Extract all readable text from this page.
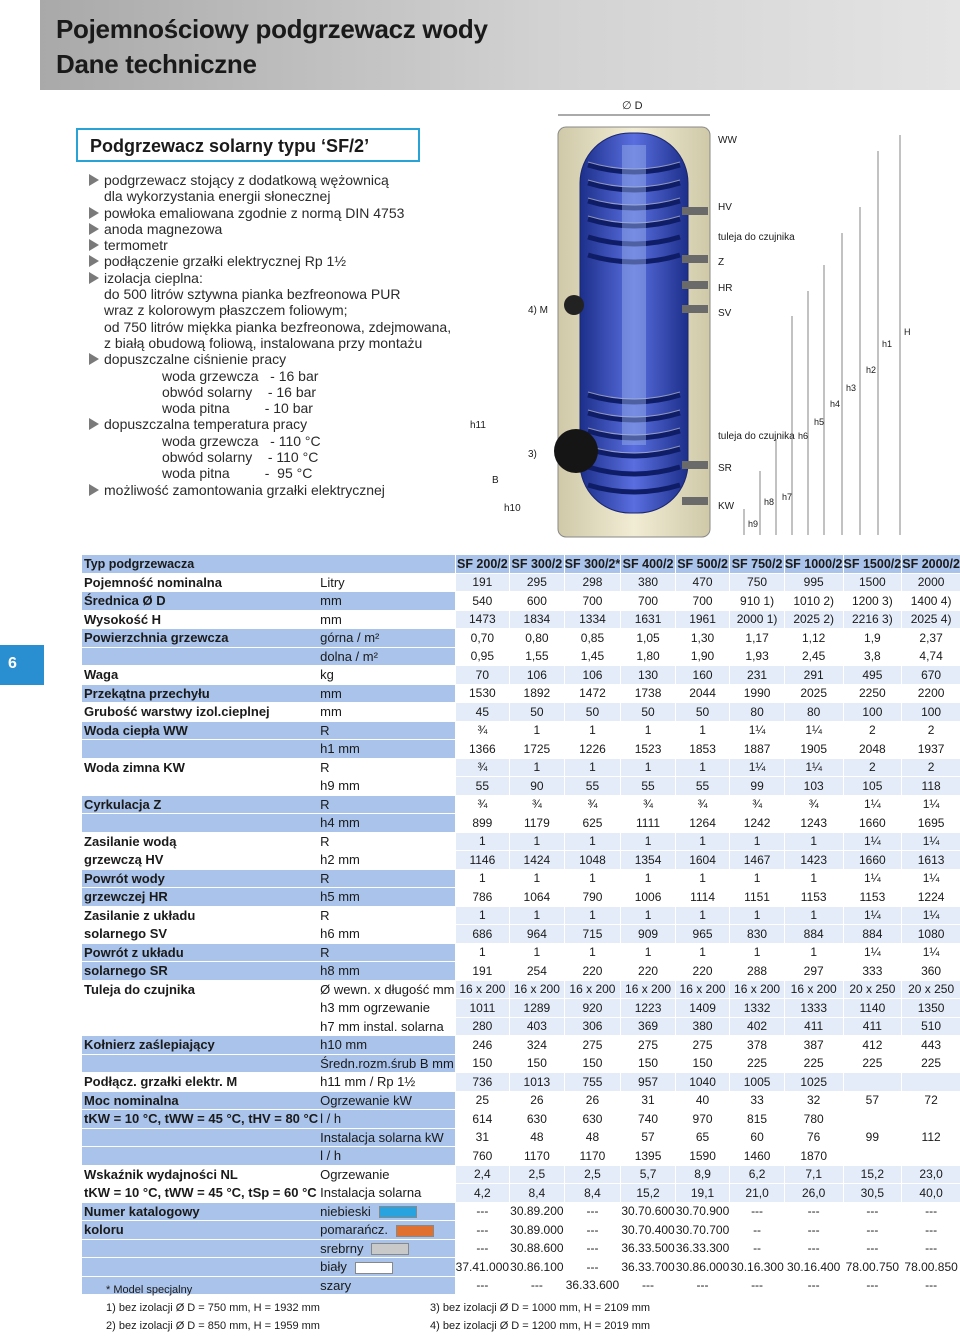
Pojemnościowy podgrzewacz wody
Dane techniczne
Podgrzewacz solarny typu ‘SF/2’
podgrzewacz stojący z dodatkową wężownicą
dla wykorzystania energii słonecznej
powłoka emaliowana zgodnie z normą DIN 4753
anoda magnezowa
termometr
podłączenie grzałki elektrycznej Rp 1½
izolacja cieplna:
do 500 litrów sztywna pianka bezfreonowa PUR
wraz z kolorowym płaszczem foliowym;
od 750 litrów miękka pianka bezfreonowa, zdejmowana,
z białą obudową foliową, instalowana przy montażu
dopuszczalne ciśnienie pracy
woda grzewcza   - 16 bar
obwód solarny    - 16 bar
woda pitna         - 10 bar
dopuszczalna temperatura pracy
woda grzewcza   - 110 °C
obwód solarny    - 110 °C
woda pitna         -  95 °C
możliwość zamontowania grzałki elektrycznej
∅ D
WW
HV
tuleja do czujnika
Z
HR
SV
tuleja do czujnika
SR
KW
h11
B
h10
4) M
3)
H
h1
h2
h3
h4
h5
h6
h7
h8
h9
6
Typ podgrzewacza		SF 200/2	SF 300/2	SF 300/2*	SF 400/2	SF 500/2	SF 750/2	SF 1000/2	SF 1500/2	SF 2000/2
Pojemność nominalna	Litry	191	295	298	380	470	750	995	1500	2000
Średnica Ø D	mm	540	600	700	700	700	910 1)	1010 2)	1200 3)	1400 4)
Wysokość H	mm	1473	1834	1334	1631	1961	2000 1)	2025 2)	2216 3)	2025 4)
Powierzchnia grzewcza	górna / m²	0,70	0,80	0,85	1,05	1,30	1,17	1,12	1,9	2,37
	dolna / m²	0,95	1,55	1,45	1,80	1,90	1,93	2,45	3,8	4,74
Waga	kg	70	106	106	130	160	231	291	495	670
Przekątna przechyłu	mm	1530	1892	1472	1738	2044	1990	2025	2250	2200
Grubość warstwy izol.cieplnej	mm	45	50	50	50	50	80	80	100	100
Woda ciepła WW	R	¾	1	1	1	1	1¼	1¼	2	2
	h1 mm	1366	1725	1226	1523	1853	1887	1905	2048	1937
Woda zimna KW	R	¾	1	1	1	1	1¼	1¼	2	2
	h9 mm	55	90	55	55	55	99	103	105	118
Cyrkulacja Z	R	¾	¾	¾	¾	¾	¾	¾	1¼	1¼
	h4 mm	899	1179	625	1111	1264	1242	1243	1660	1695
Zasilanie wodą	R	1	1	1	1	1	1	1	1¼	1¼
grzewczą HV	h2 mm	1146	1424	1048	1354	1604	1467	1423	1660	1613
Powrót wody	R	1	1	1	1	1	1	1	1¼	1¼
grzewczej HR	h5 mm	786	1064	790	1006	1114	1151	1153	1153	1224
Zasilanie z układu	R	1	1	1	1	1	1	1	1¼	1¼
solarnego SV	h6 mm	686	964	715	909	965	830	884	884	1080
Powrót z układu	R	1	1	1	1	1	1	1	1¼	1¼
solarnego SR	h8 mm	191	254	220	220	220	288	297	333	360
Tuleja do czujnika	Ø wewn. x długość mm	16 x 200	16 x 200	16 x 200	16 x 200	16 x 200	16 x 200	16 x 200	20 x 250	20 x 250
	h3 mm ogrzewanie	1011	1289	920	1223	1409	1332	1333	1140	1350
	h7 mm instal. solarna	280	403	306	369	380	402	411	411	510
Kołnierz zaślepiający	h10 mm	246	324	275	275	275	378	387	412	443
	Średn.rozm.śrub B mm	150	150	150	150	150	225	225	225	225
Podłącz. grzałki elektr. M	h11 mm / Rp 1½	736	1013	755	957	1040	1005	1025		
Moc nominalna	Ogrzewanie kW	25	26	26	31	40	33	32	57	72
tKW = 10 °C, tWW = 45 °C, tHV = 80 °C	l / h	614	630	630	740	970	815	780		
	Instalacja solarna kW	31	48	48	57	65	60	76	99	112
	l / h	760	1170	1170	1395	1590	1460	1870		
Wskaźnik wydajności NL	Ogrzewanie	2,4	2,5	2,5	5,7	8,9	6,2	7,1	15,2	23,0
tKW = 10 °C, tWW = 45 °C, tSp = 60 °C	Instalacja solarna	4,2	8,4	8,4	15,2	19,1	21,0	26,0	30,5	40,0
Numer katalogowy	niebieski	---	30.89.200	---	30.70.600	30.70.900	---	---	---	---
koloru	pomarańcz.	---	30.89.000	---	30.70.400	30.70.700	--	---	---	---
	srebrny	---	30.88.600	---	36.33.500	36.33.300	--	---	---	---
	biały	37.41.000	30.86.100	---	36.33.700	30.86.000	30.16.300	30.16.400	78.00.750	78.00.850
	szary	---	---	36.33.600	---	---	---	---	---	---
* Model specjalny
1) bez izolacji Ø D = 750 mm, H = 1932 mm
2) bez izolacji Ø D = 850 mm, H = 1959 mm
3) bez izolacji Ø D = 1000 mm, H = 2109 mm
4) bez izolacji Ø D = 1200 mm, H = 2019 mm
